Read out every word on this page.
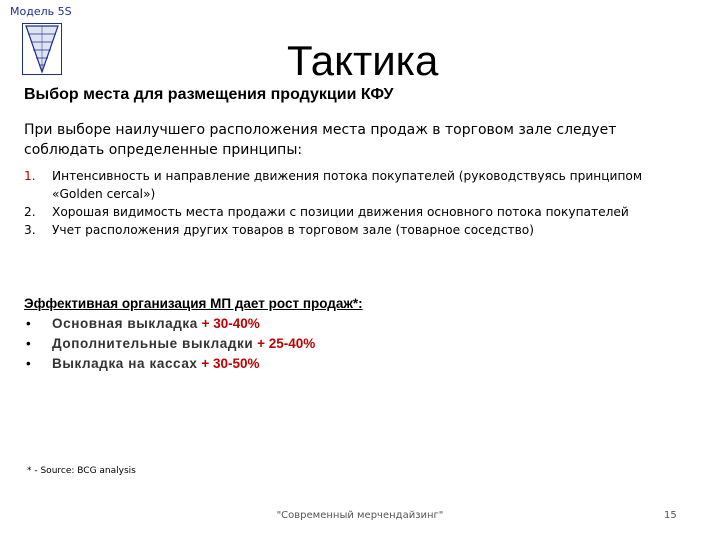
Модель 5S
Тактика
Выбор места для размещения продукции КФУ
При выборе наилучшего расположения места продаж в торговом зале следует соблюдать определенные принципы:
1.	Интенсивность и направление движения потока покупателей (руководствуясь принципом «Golden cercal»)
2.	Хорошая видимость места продажи с позиции движения основного потока покупателей
3.	Учет расположения других товаров в торговом зале (товарное соседство)
Эффективная организация МП дает рост продаж*:
•	Основная выкладка
+ 30-40%
•	Дополнительные выкладки
+ 25-40%
•	Выкладка на кассах
+ 30-50%
* - Source: BCG analysis
"Современный мерчендайзинг"	15
